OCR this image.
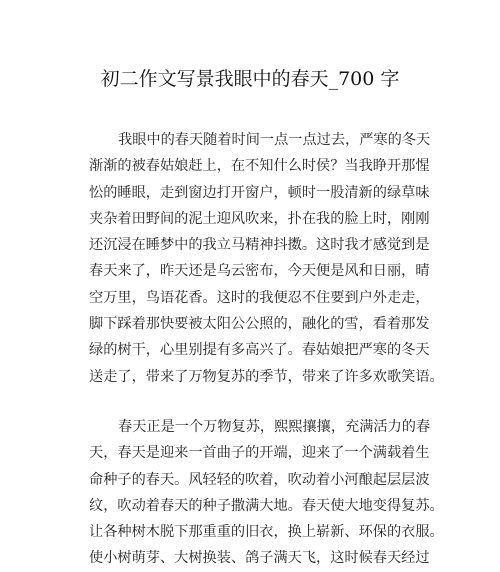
初二作文写景我眼中的春天_700 字
我眼中的春天随着时间一点一点过去，严寒的冬天
渐渐的被春姑娘赶上，在不知什么时侯？当我睁开那惺
忪的睡眼，走到窗边打开窗户，顿时一股清新的绿草味
夹杂着田野间的泥土迎风吹来，扑在我的脸上时，刚刚
还沉浸在睡梦中的我立马精神抖擞。这时我才感觉到是
春天来了，昨天还是乌云密布，今天便是风和日丽，晴
空万里，鸟语花香。这时的我便忍不住要到户外走走，
脚下踩着那快要被太阳公公照的，融化的雪，看着那发
绿的树干，心里别提有多高兴了。春姑娘把严寒的冬天
送走了，带来了万物复苏的季节，带来了许多欢歌笑语。
春天正是一个万物复苏，熙熙攘攘，充满活力的春
天，春天是迎来一首曲子的开端，迎来了一个满载着生
命种子的春天。风轻轻的吹着，吹动着小河酿起层层波
纹，吹动着春天的种子撒满大地。春天使大地变得复苏。
让各种树木脱下那重重的旧衣，换上崭新、环保的衣服。
使小树萌芽、大树换装、鸽子满天飞，这时候春天经过
